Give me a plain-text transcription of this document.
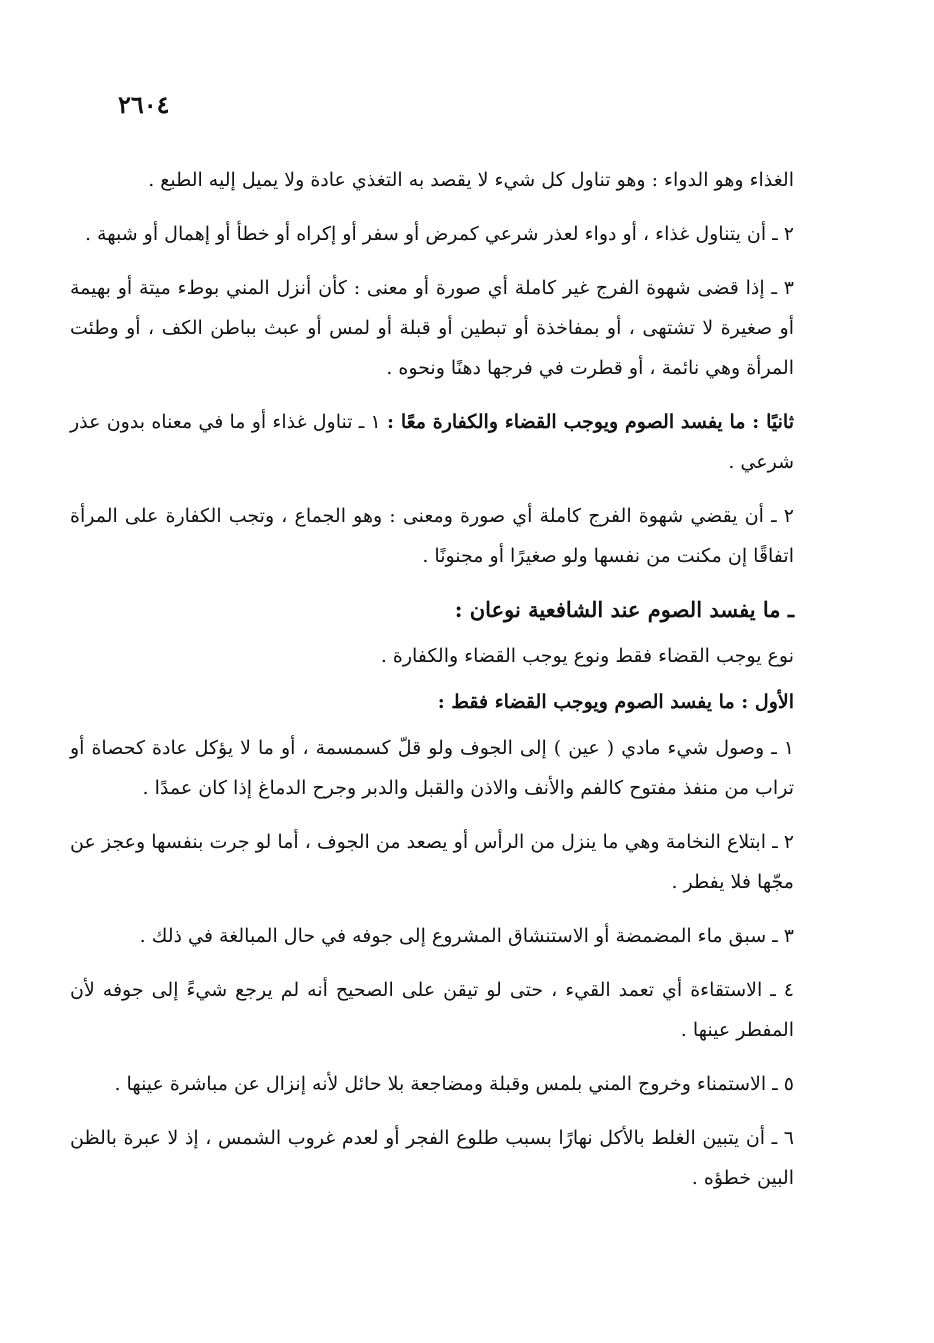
٢٦٠٤

الغذاء وهو الدواء : وهو تناول كل شيء لا يقصد به التغذي عادة ولا يميل إليه الطبع .

٢ ـ أن يتناول غذاء ، أو دواء لعذر شرعي كمرض أو سفر أو إكراه أو خطأ أو إهمال أو شبهة .

٣ ـ إذا قضى شهوة الفرج غير كاملة أي صورة أو معنى : كأن أنزل المني بوطء ميتة أو بهيمة أو صغيرة لا تشتهى ، أو بمفاخذة أو تبطين أو قبلة أو لمس أو عبث بباطن الكف ، أو وطئت المرأة وهي نائمة ، أو قطرت في فرجها دهنًا ونحوه .

ثانيًا : ما يفسد الصوم ويوجب القضاء والكفارة معًا : ١ ـ تناول غذاء أو ما في معناه بدون عذر شرعي .

٢ ـ أن يقضي شهوة الفرج كاملة أي صورة ومعنى : وهو الجماع ، وتجب الكفارة على المرأة اتفاقًا إن مكنت من نفسها ولو صغيرًا أو مجنونًا .

ـ ما يفسد الصوم عند الشافعية نوعان :

نوع يوجب القضاء فقط ونوع يوجب القضاء والكفارة .

الأول : ما يفسد الصوم ويوجب القضاء فقط :

١ ـ وصول شيء مادي ( عين ) إلى الجوف ولو قلّ كسمسمة ، أو ما لا يؤكل عادة كحصاة أو تراب من منفذ مفتوح كالفم والأنف والاذن والقبل والدبر وجرح الدماغ إذا كان عمدًا .

٢ ـ ابتلاع النخامة وهي ما ينزل من الرأس أو يصعد من الجوف ، أما لو جرت بنفسها وعجز عن مجّها فلا يفطر .

٣ ـ سبق ماء المضمضة أو الاستنشاق المشروع إلى جوفه في حال المبالغة في ذلك .

٤ ـ الاستقاءة أي تعمد القيء ، حتى لو تيقن على الصحيح أنه لم يرجع شيءً إلى جوفه لأن المفطر عينها .

٥ ـ الاستمناء وخروج المني بلمس وقبلة ومضاجعة بلا حائل لأنه إنزال عن مباشرة عينها .

٦ ـ أن يتبين الغلط بالأكل نهارًا بسبب طلوع الفجر أو لعدم غروب الشمس ، إذ لا عبرة بالظن البين خطؤه .
